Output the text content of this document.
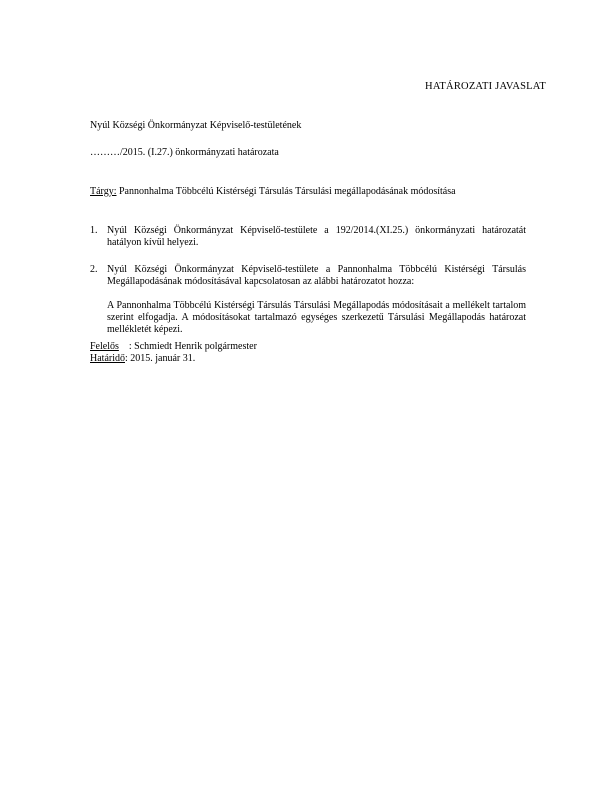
HATÁROZATI JAVASLAT
Nyúl Községi Önkormányzat Képviselő-testületének
………/2015. (I.27.) önkormányzati határozata
Tárgy: Pannonhalma Többcélú Kistérségi Társulás Társulási megállapodásának módosítása
1. Nyúl Községi Önkormányzat Képviselő-testülete a 192/2014.(XI.25.) önkormányzati határozatát hatályon kívül helyezi.
2. Nyúl Községi Önkormányzat Képviselő-testülete a Pannonhalma Többcélú Kistérségi Társulás Megállapodásának módosításával kapcsolatosan az alábbi határozatot hozza:
A Pannonhalma Többcélú Kistérségi Társulás Társulási Megállapodás módosításait a mellékelt tartalom szerint elfogadja. A módosításokat tartalmazó egységes szerkezetű Társulási Megállapodás határozat mellékletét képezi.
Felelős    : Schmiedt Henrik polgármester
Határidő: 2015. január 31.
